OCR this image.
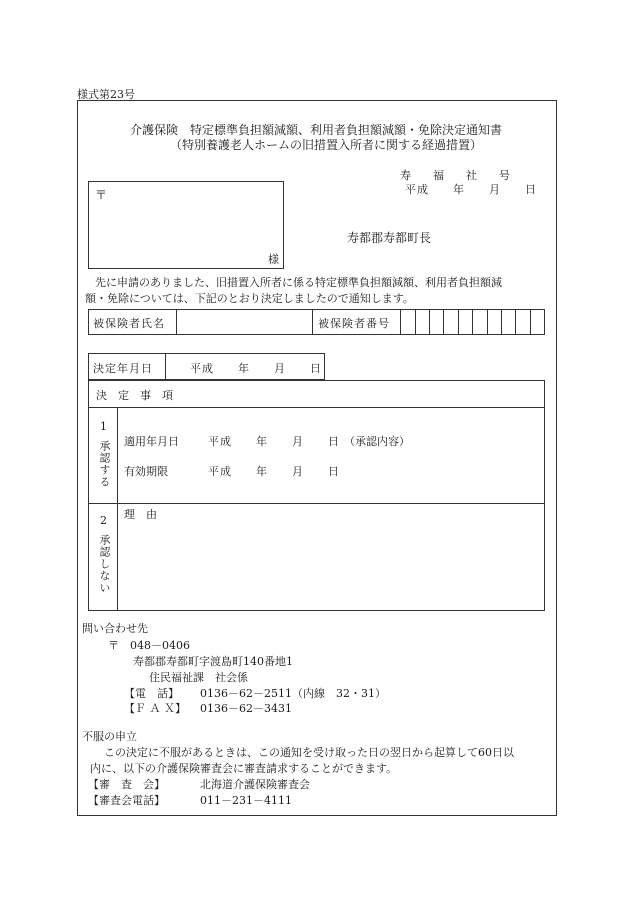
様式第23号
介護保険　特定標準負担額減額、利用者負担額減額・免除決定通知書
（特別養護老人ホームの旧措置入所者に関する経過措置）
寿　　福　　社　　号
平成　　年　　月　　日
〒
様
寿都郡寿都町長
先に申請のありました、旧措置入所者に係る特定標準負担額減額、利用者負担額減
額・免除については、下記のとおり決定しましたので通知します。
被保険者氏名	被保険者番号
決定年月日	平成　　年　　月　　日
決　定　事　項
1
承認する 適用年月日	平成　　年　　月　　日 （承認内容）
有効期限	平成　　年　　月　　日
2
承認しない
理　由
問い合わせ先
〒　048－0406
寿都郡寿都町字渡島町140番地1
住民福祉課　社会係
【電　話】 0136－62－2511（内線　32・31）
【Ｆ Ａ Ｘ】 0136－62－3431
不服の申立
この決定に不服があるときは、この通知を受け取った日の翌日から起算して60日以
内に、以下の介護保険審査会に審査請求することができます。
【審　査　会】	北海道介護保険審査会
【審査会電話】	011－231－4111
